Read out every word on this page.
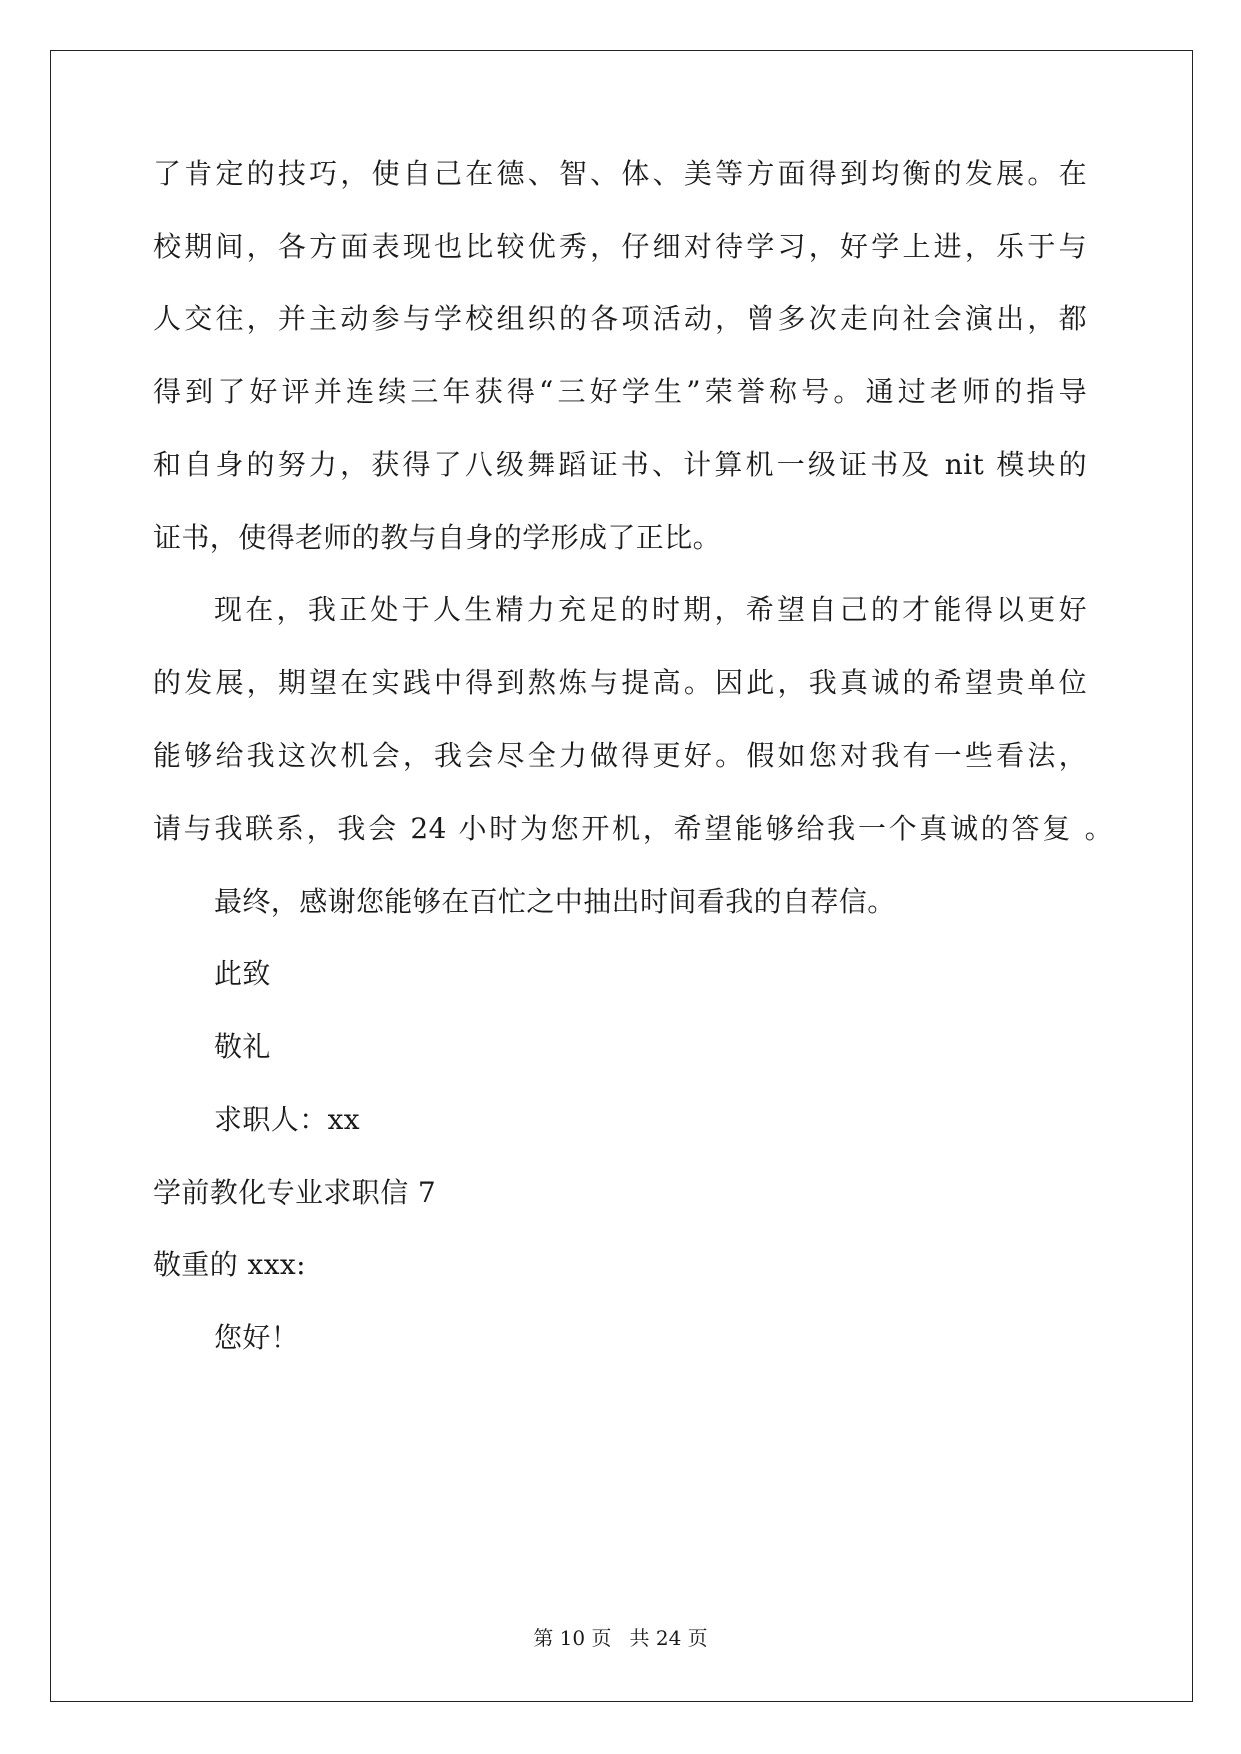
了肯定的技巧，使自己在德、智、体、美等方面得到均衡的发展。在
校期间，各方面表现也比较优秀，仔细对待学习，好学上进，乐于与
人交往，并主动参与学校组织的各项活动，曾多次走向社会演出，都
得到了好评并连续三年获得“三好学生”荣誉称号。通过老师的指导
和自身的努力，获得了八级舞蹈证书、计算机一级证书及 nit 模块的
证书，使得老师的教与自身的学形成了正比。
现在，我正处于人生精力充足的时期，希望自己的才能得以更好
的发展，期望在实践中得到熬炼与提高。因此，我真诚的希望贵单位
能够给我这次机会，我会尽全力做得更好。假如您对我有一些看法，
请与我联系，我会 24 小时为您开机，希望能够给我一个真诚的答复 。
最终，感谢您能够在百忙之中抽出时间看我的自荐信。
此致
敬礼
求职人：xx
学前教化专业求职信 7
敬重的 xxx:
您好！
第 10 页 共 24 页
